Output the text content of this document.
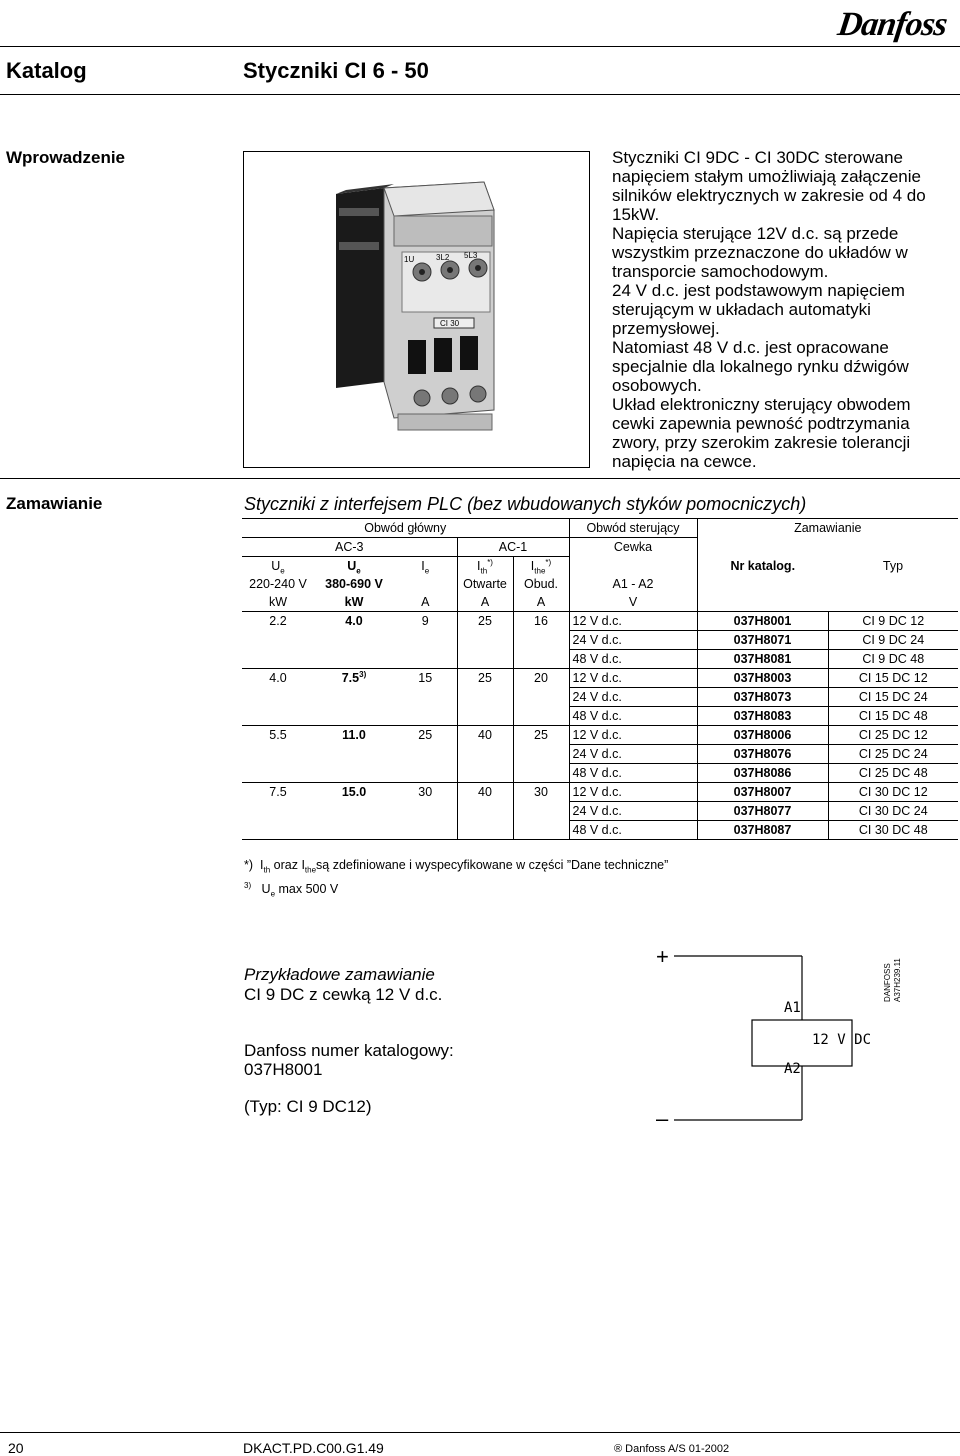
Danfoss
Katalog	Styczniki CI 6 - 50
Wprowadzenie
1U	3L2 5L3
CI 30

Styczniki CI 9DC - CI 30DC sterowane napięciem stałym umożliwiają załączenie silników elektrycznych w zakresie od 4 do 15kW.

Napięcia sterujące 12V d.c. są przede wszystkim przeznaczone do układów w transporcie samochodowym.

24 V d.c. jest podstawowym napięciem sterującym w układach automatyki przemysłowej.

Natomiast 48 V d.c. jest opracowane specjalnie dla lokalnego rynku dźwigów osobowych.

Układ elektroniczny sterujący obwodem cewki zapewnia pewność podtrzymania zwory, przy szerokim zakresie tolerancji napięcia na cewce.

Zamawianie	Styczniki z interfejsem PLC (bez wbudowanych styków pomocniczych)
Obwód główny					Obwód sterujący	Zamawianie	
AC-3			AC-1		Cewka		
$U_e$	$U_e$	$I_e$	$I_{th}^{*)}$	$I_{the}^{*)}$		Nr katalog.	Typ
220-240 V	380-690 V		Otwarte	Obud.	A1 - A2		
kW	kW	A	A	A	V		
2.2	4.0	9	25	16	12 V d.c.	037H8001	CI 9 DC 12
					24 V d.c.	037H8071	CI 9 DC 24
					48 V d.c.	037H8081	CI 9 DC 48
4.0	7.5$^{3)}$	15	25	20	12 V d.c.	037H8003	CI 15 DC 12
					24 V d.c.	037H8073	CI 15 DC 24
					48 V d.c.	037H8083	CI 15 DC 48
5.5	11.0	25	40	25	12 V d.c.	037H8006	CI 25 DC 12
					24 V d.c.	037H8076	CI 25 DC 24
					48 V d.c.	037H8086	CI 25 DC 48
7.5	15.0	30	40	30	12 V d.c.	037H8007	CI 30 DC 12
					24 V d.c.	037H8077	CI 30 DC 24
					48 V d.c.	037H8087	CI 30 DC 48
*) $I_{th}$ oraz $I_{the}są$ zdefiniowane i wyspecyfikowane w części ”Dane techniczne”
$^{3)}$ $U_e$ max 500 V
Przykładowe zamawianie
CI 9 DC z cewką 12 V d.c.
Danfoss numer katalogowy:
037H8001
(Typ: CI 9 DC12)
+
A1
12 V DC
A2
–
DANFOSS A37H239.11
20	DKACT.PD.C00.G1.49	® Danfoss A/S 01-2002
